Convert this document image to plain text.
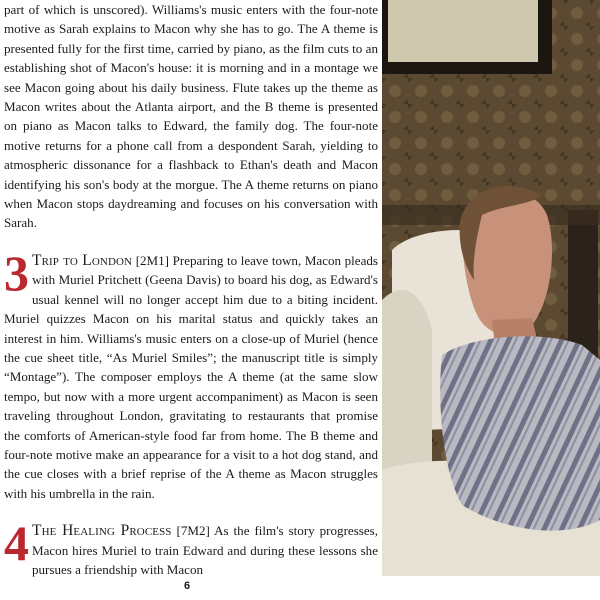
part of which is unscored). Williams's music enters with the four-note motive as Sarah explains to Macon why she has to go. The A theme is presented fully for the first time, carried by piano, as the film cuts to an establishing shot of Macon's house: it is morning and in a montage we see Macon going about his daily business. Flute takes up the theme as Macon writes about the Atlanta airport, and the B theme is presented on piano as Macon talks to Edward, the family dog. The four-note motive returns for a phone call from a despondent Sarah, yielding to atmospheric dissonance for a flashback to Ethan's death and Macon identifying his son's body at the morgue. The A theme returns on piano when Macon stops daydreaming and focuses on his conversation with Sarah.

3 Trip to London [2M1] Preparing to leave town, Macon pleads with Muriel Pritchett (Geena Davis) to board his dog, as Edward's usual kennel will no longer accept him due to a biting incident. Muriel quizzes Macon on his marital status and quickly takes an interest in him. Williams's music enters on a close-up of Muriel (hence the cue sheet title, “As Muriel Smiles”; the manuscript title is simply “Montage”). The composer employs the A theme (at the same slow tempo, but now with a more urgent accompaniment) as Macon is seen traveling throughout London, gravitating to restaurants that promise the comforts of American-style food far from home. The B theme and four-note motive make an appearance for a visit to a hot dog stand, and the cue closes with a brief reprise of the A theme as Macon struggles with his umbrella in the rain.

4 The Healing Process [7M2] As the film's story progresses, Macon hires Muriel to train Edward and during these lessons she pursues a friendship with Macon

6
